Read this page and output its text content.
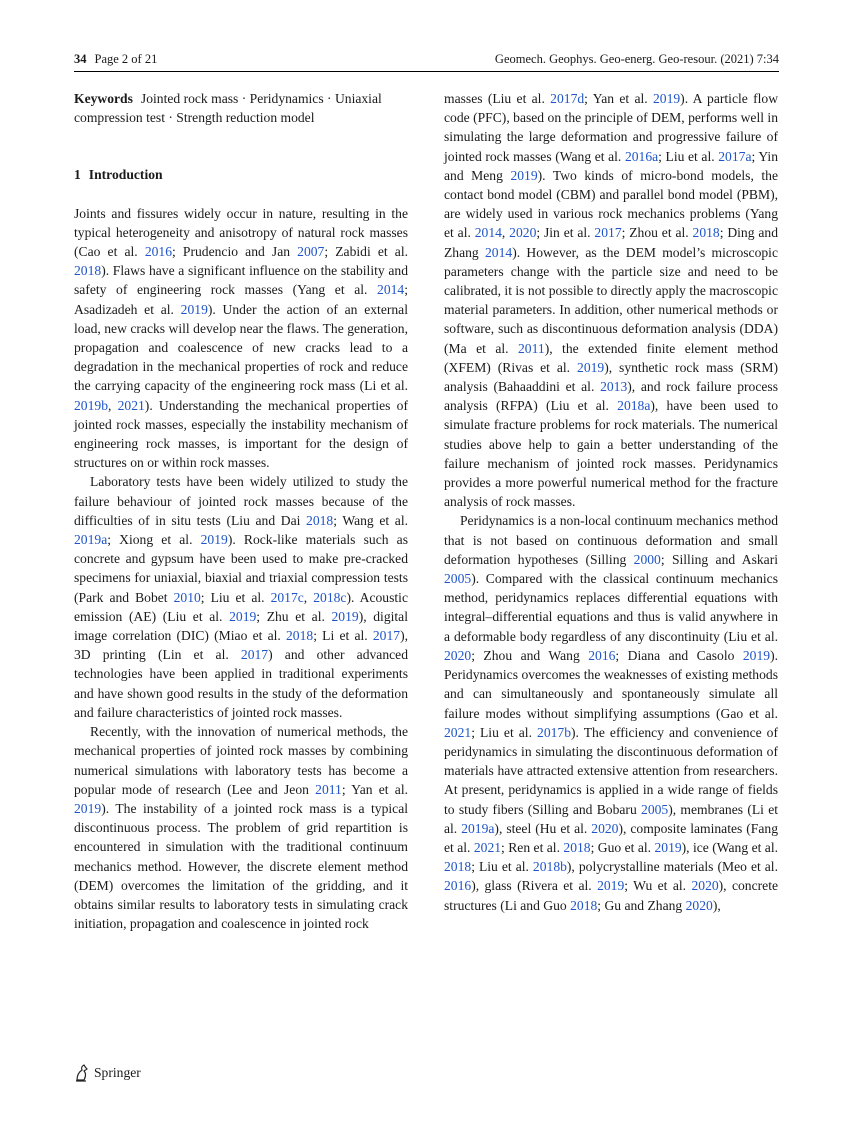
34 Page 2 of 21	Geomech. Geophys. Geo-energ. Geo-resour. (2021) 7:34

Keywords Jointed rock mass · Peridynamics · Uniaxial compression test · Strength reduction model

1 Introduction

Joints and fissures widely occur in nature, resulting in the typical heterogeneity and anisotropy of natural rock masses (Cao et al. 2016; Prudencio and Jan 2007; Zabidi et al. 2018). Flaws have a significant influence on the stability and safety of engineering rock masses (Yang et al. 2014; Asadizadeh et al. 2019). Under the action of an external load, new cracks will develop near the flaws. The generation, propagation and coalescence of new cracks lead to a degradation in the mechanical properties of rock and reduce the carrying capacity of the engineering rock mass (Li et al. 2019b, 2021). Understanding the mechanical properties of jointed rock masses, especially the instability mechanism of engineering rock masses, is important for the design of structures on or within rock masses.

Laboratory tests have been widely utilized to study the failure behaviour of jointed rock masses because of the difficulties of in situ tests (Liu and Dai 2018; Wang et al. 2019a; Xiong et al. 2019). Rock-like materials such as concrete and gypsum have been used to make pre-cracked specimens for uniaxial, biaxial and triaxial compression tests (Park and Bobet 2010; Liu et al. 2017c, 2018c). Acoustic emission (AE) (Liu et al. 2019; Zhu et al. 2019), digital image correlation (DIC) (Miao et al. 2018; Li et al. 2017), 3D printing (Lin et al. 2017) and other advanced technologies have been applied in traditional experiments and have shown good results in the study of the deformation and failure characteristics of jointed rock masses.

Recently, with the innovation of numerical methods, the mechanical properties of jointed rock masses by combining numerical simulations with laboratory tests has become a popular mode of research (Lee and Jeon 2011; Yan et al. 2019). The instability of a jointed rock mass is a typical discontinuous process. The problem of grid repartition is encountered in simulation with the traditional continuum mechanics method. However, the discrete element method (DEM) overcomes the limitation of the gridding, and it obtains similar results to laboratory tests in simulating crack initiation, propagation and coalescence in jointed rock

masses (Liu et al. 2017d; Yan et al. 2019). A particle flow code (PFC), based on the principle of DEM, performs well in simulating the large deformation and progressive failure of jointed rock masses (Wang et al. 2016a; Liu et al. 2017a; Yin and Meng 2019). Two kinds of micro-bond models, the contact bond model (CBM) and parallel bond model (PBM), are widely used in various rock mechanics problems (Yang et al. 2014, 2020; Jin et al. 2017; Zhou et al. 2018; Ding and Zhang 2014). However, as the DEM model’s microscopic parameters change with the particle size and need to be calibrated, it is not possible to directly apply the macroscopic material parameters. In addition, other numerical methods or software, such as discontinuous deformation analysis (DDA) (Ma et al. 2011), the extended finite element method (XFEM) (Rivas et al. 2019), synthetic rock mass (SRM) analysis (Bahaaddini et al. 2013), and rock failure process analysis (RFPA) (Liu et al. 2018a), have been used to simulate fracture problems for rock materials. The numerical studies above help to gain a better understanding of the failure mechanism of jointed rock masses. Peridynamics provides a more powerful numerical method for the fracture analysis of rock masses.

Peridynamics is a non-local continuum mechanics method that is not based on continuous deformation and small deformation hypotheses (Silling 2000; Silling and Askari 2005). Compared with the classical continuum mechanics method, peridynamics replaces differential equations with integral–differential equations and thus is valid anywhere in a deformable body regardless of any discontinuity (Liu et al. 2020; Zhou and Wang 2016; Diana and Casolo 2019). Peridynamics overcomes the weaknesses of existing methods and can simultaneously and spontaneously simulate all failure modes without simplifying assumptions (Gao et al. 2021; Liu et al. 2017b). The efficiency and convenience of peridynamics in simulating the discontinuous deformation of materials have attracted extensive attention from researchers. At present, peridynamics is applied in a wide range of fields to study fibers (Silling and Bobaru 2005), membranes (Li et al. 2019a), steel (Hu et al. 2020), composite laminates (Fang et al. 2021; Ren et al. 2018; Guo et al. 2019), ice (Wang et al. 2018; Liu et al. 2018b), polycrystalline materials (Meo et al. 2016), glass (Rivera et al. 2019; Wu et al. 2020), concrete structures (Li and Guo 2018; Gu and Zhang 2020),

Springer
